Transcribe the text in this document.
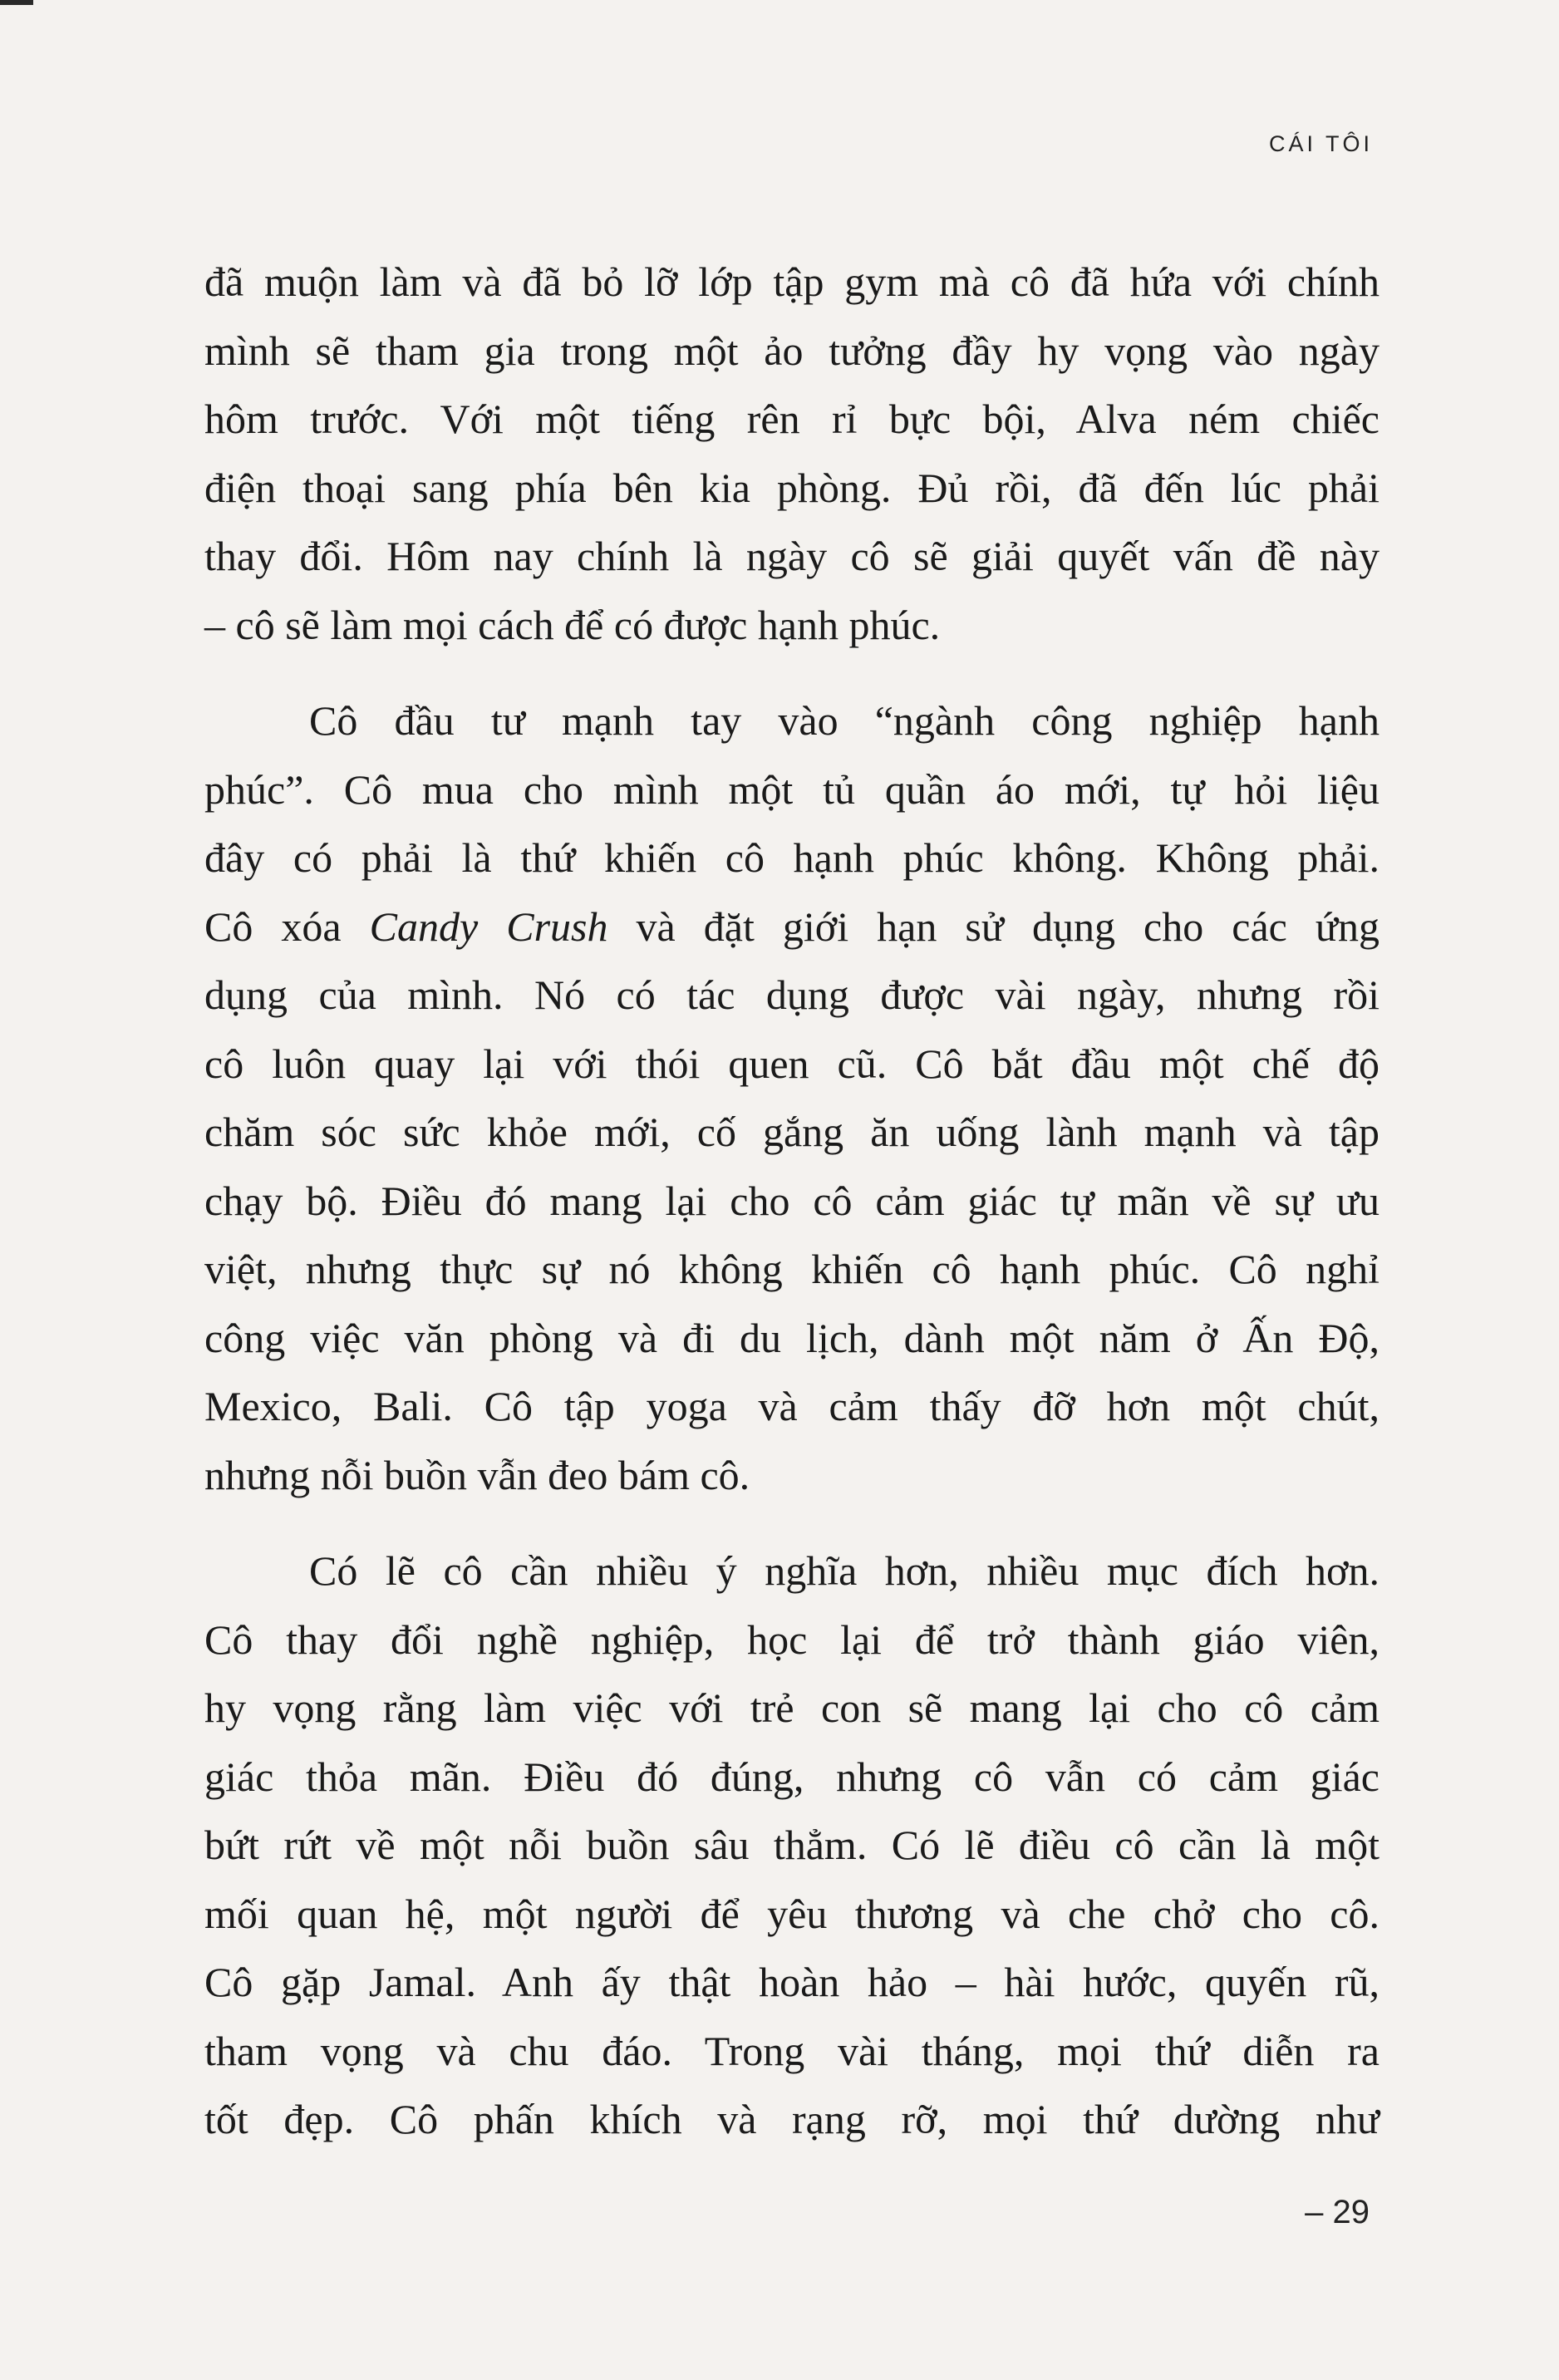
CÁI TÔI

đã muộn làm và đã bỏ lỡ lớp tập gym mà cô đã hứa với chính
mình sẽ tham gia trong một ảo tưởng đầy hy vọng vào ngày
hôm trước. Với một tiếng rên rỉ bực bội, Alva ném chiếc
điện thoại sang phía bên kia phòng. Đủ rồi, đã đến lúc phải
thay đổi. Hôm nay chính là ngày cô sẽ giải quyết vấn đề này
– cô sẽ làm mọi cách để có được hạnh phúc.

Cô đầu tư mạnh tay vào “ngành công nghiệp hạnh
phúc”. Cô mua cho mình một tủ quần áo mới, tự hỏi liệu
đây có phải là thứ khiến cô hạnh phúc không. Không phải.
Cô xóa Candy Crush và đặt giới hạn sử dụng cho các ứng
dụng của mình. Nó có tác dụng được vài ngày, nhưng rồi
cô luôn quay lại với thói quen cũ. Cô bắt đầu một chế độ
chăm sóc sức khỏe mới, cố gắng ăn uống lành mạnh và tập
chạy bộ. Điều đó mang lại cho cô cảm giác tự mãn về sự ưu
việt, nhưng thực sự nó không khiến cô hạnh phúc. Cô nghỉ
công việc văn phòng và đi du lịch, dành một năm ở Ấn Độ,
Mexico, Bali. Cô tập yoga và cảm thấy đỡ hơn một chút,
nhưng nỗi buồn vẫn đeo bám cô.

Có lẽ cô cần nhiều ý nghĩa hơn, nhiều mục đích hơn.
Cô thay đổi nghề nghiệp, học lại để trở thành giáo viên,
hy vọng rằng làm việc với trẻ con sẽ mang lại cho cô cảm
giác thỏa mãn. Điều đó đúng, nhưng cô vẫn có cảm giác
bứt rứt về một nỗi buồn sâu thẳm. Có lẽ điều cô cần là một
mối quan hệ, một người để yêu thương và che chở cho cô.
Cô gặp Jamal. Anh ấy thật hoàn hảo – hài hước, quyến rũ,
tham vọng và chu đáo. Trong vài tháng, mọi thứ diễn ra
tốt đẹp. Cô phấn khích và rạng rỡ, mọi thứ dường như

– 29
